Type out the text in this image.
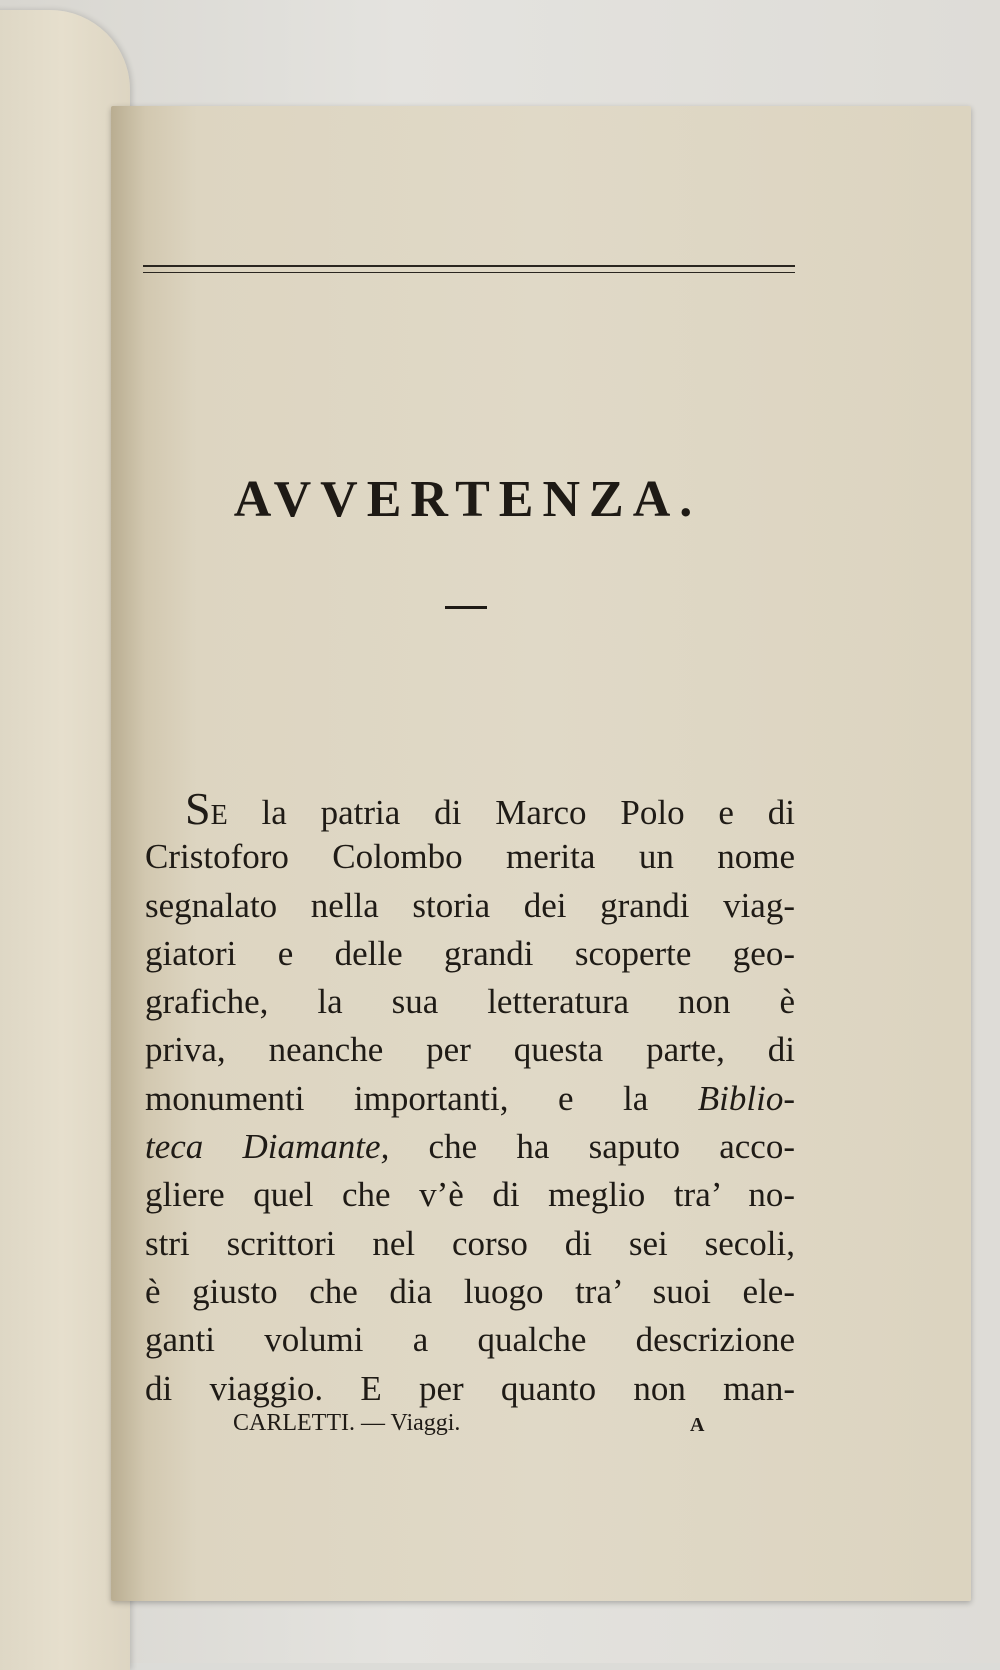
AVVERTENZA.
SE la patria di Marco Polo e di
Cristoforo Colombo merita un nome
segnalato nella storia dei grandi viag-
giatori e delle grandi scoperte geo-
grafiche, la sua letteratura non è
priva, neanche per questa parte, di
monumenti importanti, e la Biblio-
teca Diamante, che ha saputo acco-
gliere quel che v’è di meglio tra’ no-
stri scrittori nel corso di sei secoli,
è giusto che dia luogo tra’ suoi ele-
ganti volumi a qualche descrizione
di viaggio. E per quanto non man-
CARLETTI. — Viaggi.	A
